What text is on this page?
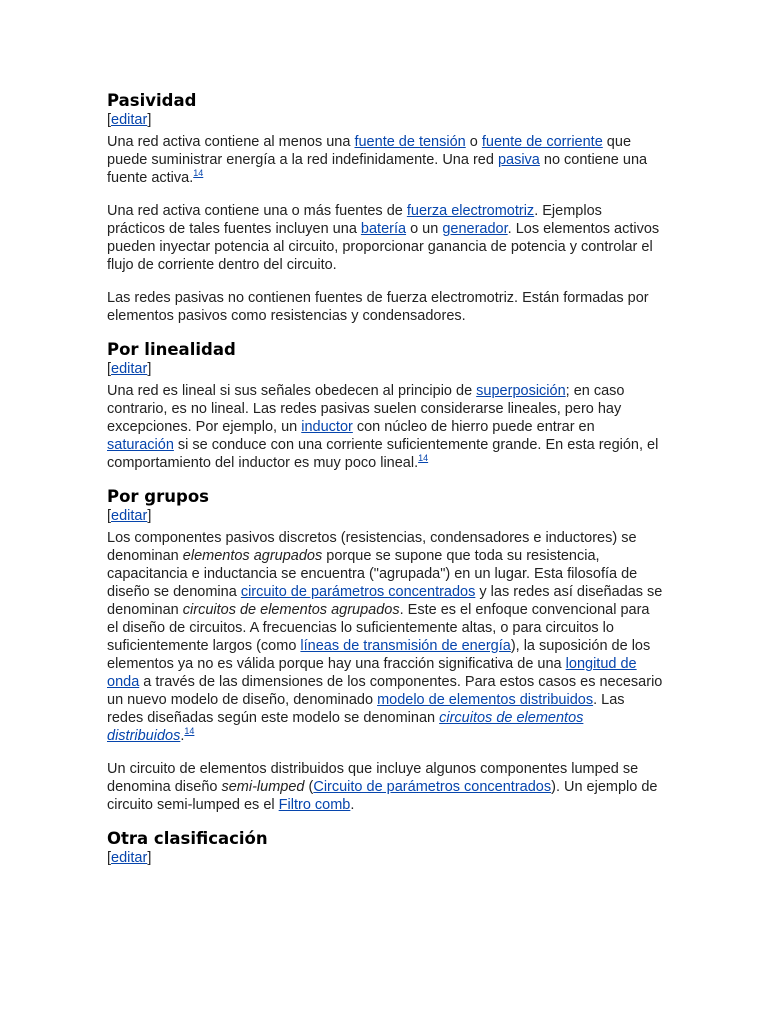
Pasividad
[editar]

Una red activa contiene al menos una fuente de tensión o fuente de corriente que puede suministrar energía a la red indefinidamente. Una red pasiva no contiene una fuente activa.$^{14}$

Una red activa contiene una o más fuentes de fuerza electromotriz. Ejemplos prácticos de tales fuentes incluyen una batería o un generador. Los elementos activos pueden inyectar potencia al circuito, proporcionar ganancia de potencia y controlar el flujo de corriente dentro del circuito.

Las redes pasivas no contienen fuentes de fuerza electromotriz. Están formadas por elementos pasivos como resistencias y condensadores.

Por linealidad
[editar]

Una red es lineal si sus señales obedecen al principio de superposición; en caso contrario, es no lineal. Las redes pasivas suelen considerarse lineales, pero hay excepciones. Por ejemplo, un inductor con núcleo de hierro puede entrar en saturación si se conduce con una corriente suficientemente grande. En esta región, el comportamiento del inductor es muy poco lineal.$^{14}$

Por grupos
[editar]

Los componentes pasivos discretos (resistencias, condensadores e inductores) se denominan elementos agrupados porque se supone que toda su resistencia, capacitancia e inductancia se encuentra ("agrupada") en un lugar. Esta filosofía de diseño se denomina circuito de parámetros concentrados y las redes así diseñadas se denominan circuitos de elementos agrupados. Este es el enfoque convencional para el diseño de circuitos. A frecuencias lo suficientemente altas, o para circuitos lo suficientemente largos (como líneas de transmisión de energía), la suposición de los elementos ya no es válida porque hay una fracción significativa de una longitud de onda a través de las dimensiones de los componentes. Para estos casos es necesario un nuevo modelo de diseño, denominado modelo de elementos distribuidos. Las redes diseñadas según este modelo se denominan circuitos de elementos distribuidos.$^{14}$

Un circuito de elementos distribuidos que incluye algunos componentes lumped se denomina diseño semi-lumped (Circuito de parámetros concentrados). Un ejemplo de circuito semi-lumped es el Filtro comb.

Otra clasificación
[editar]
